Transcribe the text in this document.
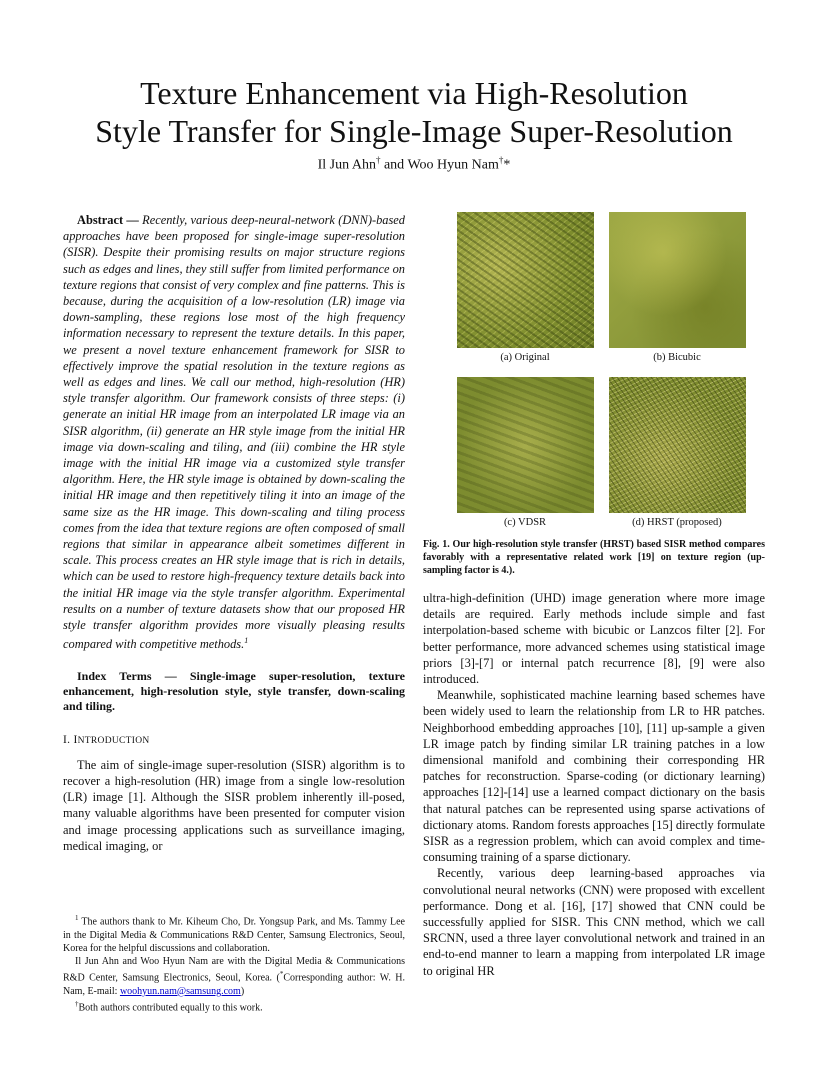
Texture Enhancement via High-Resolution
Style Transfer for Single-Image Super-Resolution
Il Jun Ahn† and Woo Hyun Nam†*

Abstract — Recently, various deep-neural-network (DNN)-based approaches have been proposed for single-image super-resolution (SISR). Despite their promising results on major structure regions such as edges and lines, they still suffer from limited performance on texture regions that consist of very complex and fine patterns. This is because, during the acquisition of a low-resolution (LR) image via down-sampling, these regions lose most of the high frequency information necessary to represent the texture details. In this paper, we present a novel texture enhancement framework for SISR to effectively improve the spatial resolution in the texture regions as well as edges and lines. We call our method, high-resolution (HR) style transfer algorithm. Our framework consists of three steps: (i) generate an initial HR image from an interpolated LR image via an SISR algorithm, (ii) generate an HR style image from the initial HR image via down-scaling and tiling, and (iii) combine the HR style image with the initial HR image via a customized style transfer algorithm. Here, the HR style image is obtained by down-scaling the initial HR image and then repetitively tiling it into an image of the same size as the HR image. This down-scaling and tiling process comes from the idea that texture regions are often composed of small regions that similar in appearance albeit sometimes different in scale. This process creates an HR style image that is rich in details, which can be used to restore high-frequency texture details back into the initial HR image via the style transfer algorithm. Experimental results on a number of texture datasets show that our proposed HR style transfer algorithm provides more visually pleasing results compared with competitive methods.$^1$

Index Terms — Single-image super-resolution, texture enhancement, high-resolution style, style transfer, down-scaling and tiling.

I. INTRODUCTION

The aim of single-image super-resolution (SISR) algorithm is to recover a high-resolution (HR) image from a single low-resolution (LR) image [1]. Although the SISR problem inherently ill-posed, many valuable algorithms have been presented for computer vision and image processing applications such as surveillance imaging, medical imaging, or

$^1$ The authors thank to Mr. Kiheum Cho, Dr. Yongsup Park, and Ms. Tammy Lee in the Digital Media & Communications R&D Center, Samsung Electronics, Seoul, Korea for the helpful discussions and collaboration.

Il Jun Ahn and Woo Hyun Nam are with the Digital Media & Communications R&D Center, Samsung Electronics, Seoul, Korea. (*Corresponding author: W. H. Nam, E-mail: woohyun.nam@samsung.com)

†Both authors contributed equally to this work.

(a) Original	(b) Bicubic
(c) VDSR	(d) HRST (proposed)
Fig. 1. Our high-resolution style transfer (HRST) based SISR method compares favorably with a representative related work [19] on texture region (up-sampling factor is 4.).

ultra-high-definition (UHD) image generation where more image details are required. Early methods include simple and fast interpolation-based scheme with bicubic or Lanzcos filter [2]. For better performance, more advanced schemes using statistical image priors [3]-[7] or internal patch recurrence [8], [9] were also introduced.

Meanwhile, sophisticated machine learning based schemes have been widely used to learn the relationship from LR to HR patches. Neighborhood embedding approaches [10], [11] up-sample a given LR image patch by finding similar LR training patches in a low dimensional manifold and combining their corresponding HR patches for reconstruction. Sparse-coding (or dictionary learning) approaches [12]-[14] use a learned compact dictionary on the basis that natural patches can be represented using sparse activations of dictionary atoms. Random forests approaches [15] directly formulate SISR as a regression problem, which can avoid complex and time-consuming training of a sparse dictionary.

Recently, various deep learning-based approaches via convolutional neural networks (CNN) were proposed with excellent performance. Dong et al. [16], [17] showed that CNN could be successfully applied for SISR. This CNN method, which we call SRCNN, used a three layer convolutional network and trained in an end-to-end manner to learn a mapping from interpolated LR image to original HR
